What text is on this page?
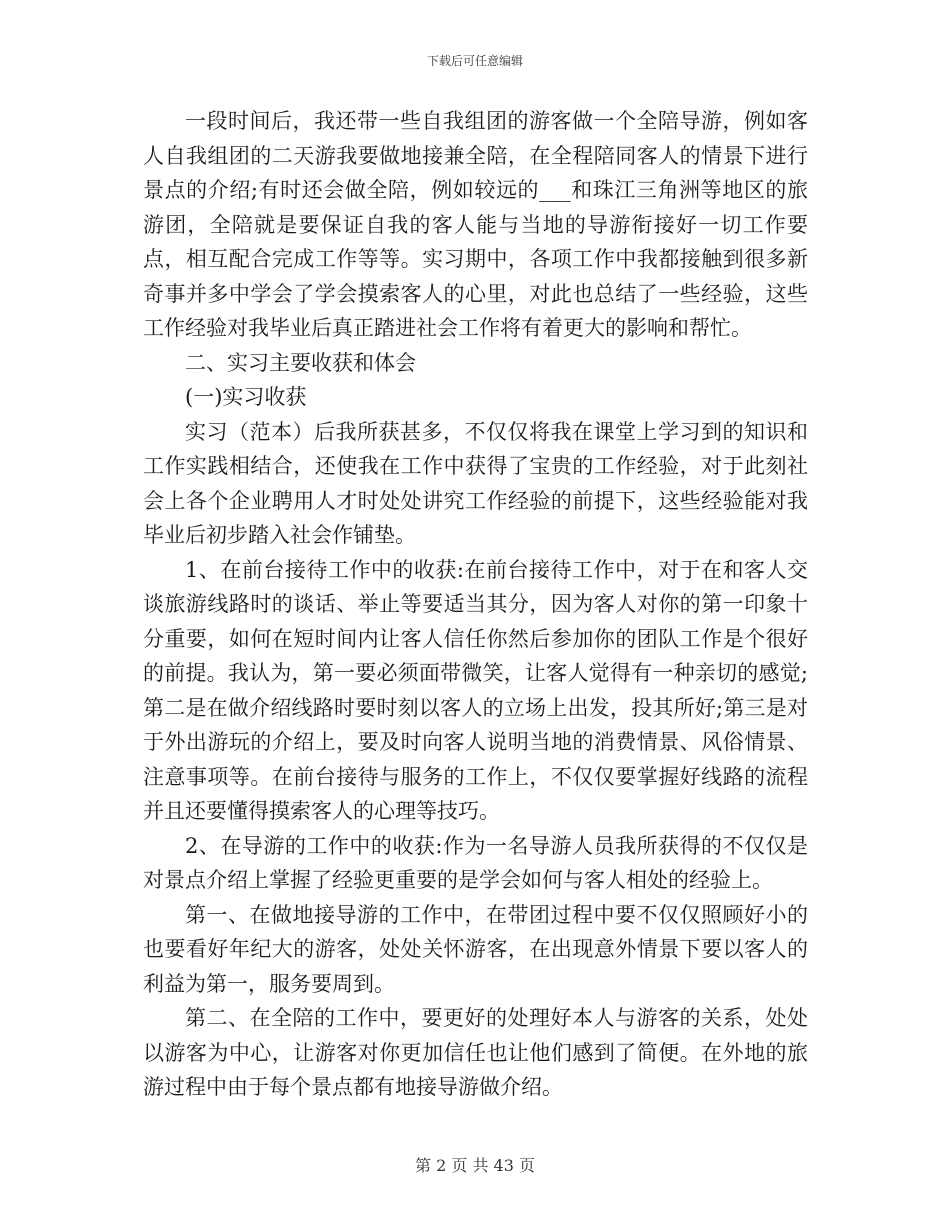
下载后可任意编辑

一段时间后，我还带一些自我组团的游客做一个全陪导游，例如客人自我组团的二天游我要做地接兼全陪，在全程陪同客人的情景下进行景点的介绍;有时还会做全陪，例如较远的___和珠江三角洲等地区的旅游团，全陪就是要保证自我的客人能与当地的导游衔接好一切工作要点，相互配合完成工作等等。实习期中，各项工作中我都接触到很多新奇事并多中学会了学会摸索客人的心里，对此也总结了一些经验，这些工作经验对我毕业后真正踏进社会工作将有着更大的影响和帮忙。

二、实习主要收获和体会

(一)实习收获

实习（范本）后我所获甚多，不仅仅将我在课堂上学习到的知识和工作实践相结合，还使我在工作中获得了宝贵的工作经验，对于此刻社会上各个企业聘用人才时处处讲究工作经验的前提下，这些经验能对我毕业后初步踏入社会作铺垫。

1、在前台接待工作中的收获:在前台接待工作中，对于在和客人交谈旅游线路时的谈话、举止等要适当其分，因为客人对你的第一印象十分重要，如何在短时间内让客人信任你然后参加你的团队工作是个很好的前提。我认为，第一要必须面带微笑，让客人觉得有一种亲切的感觉;第二是在做介绍线路时要时刻以客人的立场上出发，投其所好;第三是对于外出游玩的介绍上，要及时向客人说明当地的消费情景、风俗情景、注意事项等。在前台接待与服务的工作上，不仅仅要掌握好线路的流程并且还要懂得摸索客人的心理等技巧。

2、在导游的工作中的收获:作为一名导游人员我所获得的不仅仅是对景点介绍上掌握了经验更重要的是学会如何与客人相处的经验上。

第一、在做地接导游的工作中，在带团过程中要不仅仅照顾好小的也要看好年纪大的游客，处处关怀游客，在出现意外情景下要以客人的利益为第一，服务要周到。

第二、在全陪的工作中，要更好的处理好本人与游客的关系，处处以游客为中心，让游客对你更加信任也让他们感到了简便。在外地的旅游过程中由于每个景点都有地接导游做介绍。

第 2 页 共 43 页
